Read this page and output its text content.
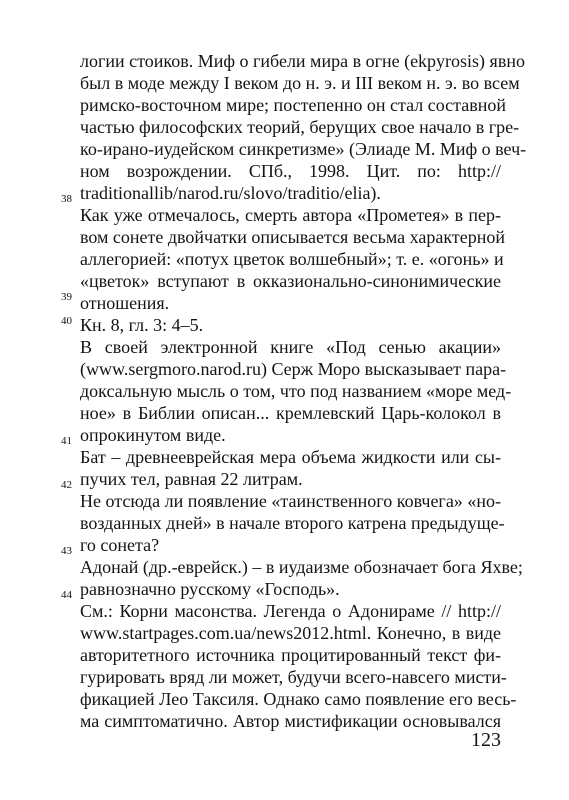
логии стоиков. Миф о гибели мира в огне (ekpyrosis) явно
был в моде между I веком до н. э. и III веком н. э. во всем
римско-восточном мире; постепенно он стал составной
частью философских теорий, берущих свое начало в гре-
ко-ирано-иудейском синкретизме» (Элиаде М. Миф о веч-
ном возрождении. СПб., 1998. Цит. по: http://
traditionallib/narod.ru/slovo/traditio/elia).
38
Как уже отмечалось, смерть автора «Прометея» в пер-
вом сонете двойчатки описывается весьма характерной
аллегорией: «потух цветок волшебный»; т. е. «огонь» и
«цветок» вступают в окказионально-синонимические
отношения.
39
Кн. 8, гл. 3: 4–5.
40
В своей электронной книге «Под сенью акации»
(www.sergmoro.narod.ru) Серж Моро высказывает пара-
доксальную мысль о том, что под названием «море мед-
ное» в Библии описан... кремлевский Царь-колокол в
опрокинутом виде.
41
Бат – древнееврейская мера объема жидкости или сы-
пучих тел, равная 22 литрам.
42
Не отсюда ли появление «таинственного ковчега» «но-
возданных дней» в начале второго катрена предыдуще-
го сонета?
43
Адонай (др.-еврейск.) – в иудаизме обозначает бога Яхве;
равнозначно русскому «Господь».
44
См.: Корни масонства. Легенда о Адонираме // http://
www.startpages.com.ua/news2012.html. Конечно, в виде
авторитетного источника процитированный текст фи-
гурировать вряд ли может, будучи всего-навсего мисти-
фикацией Лео Таксиля. Однако само появление его весь-
ма симптоматично. Автор мистификации основывался
123
